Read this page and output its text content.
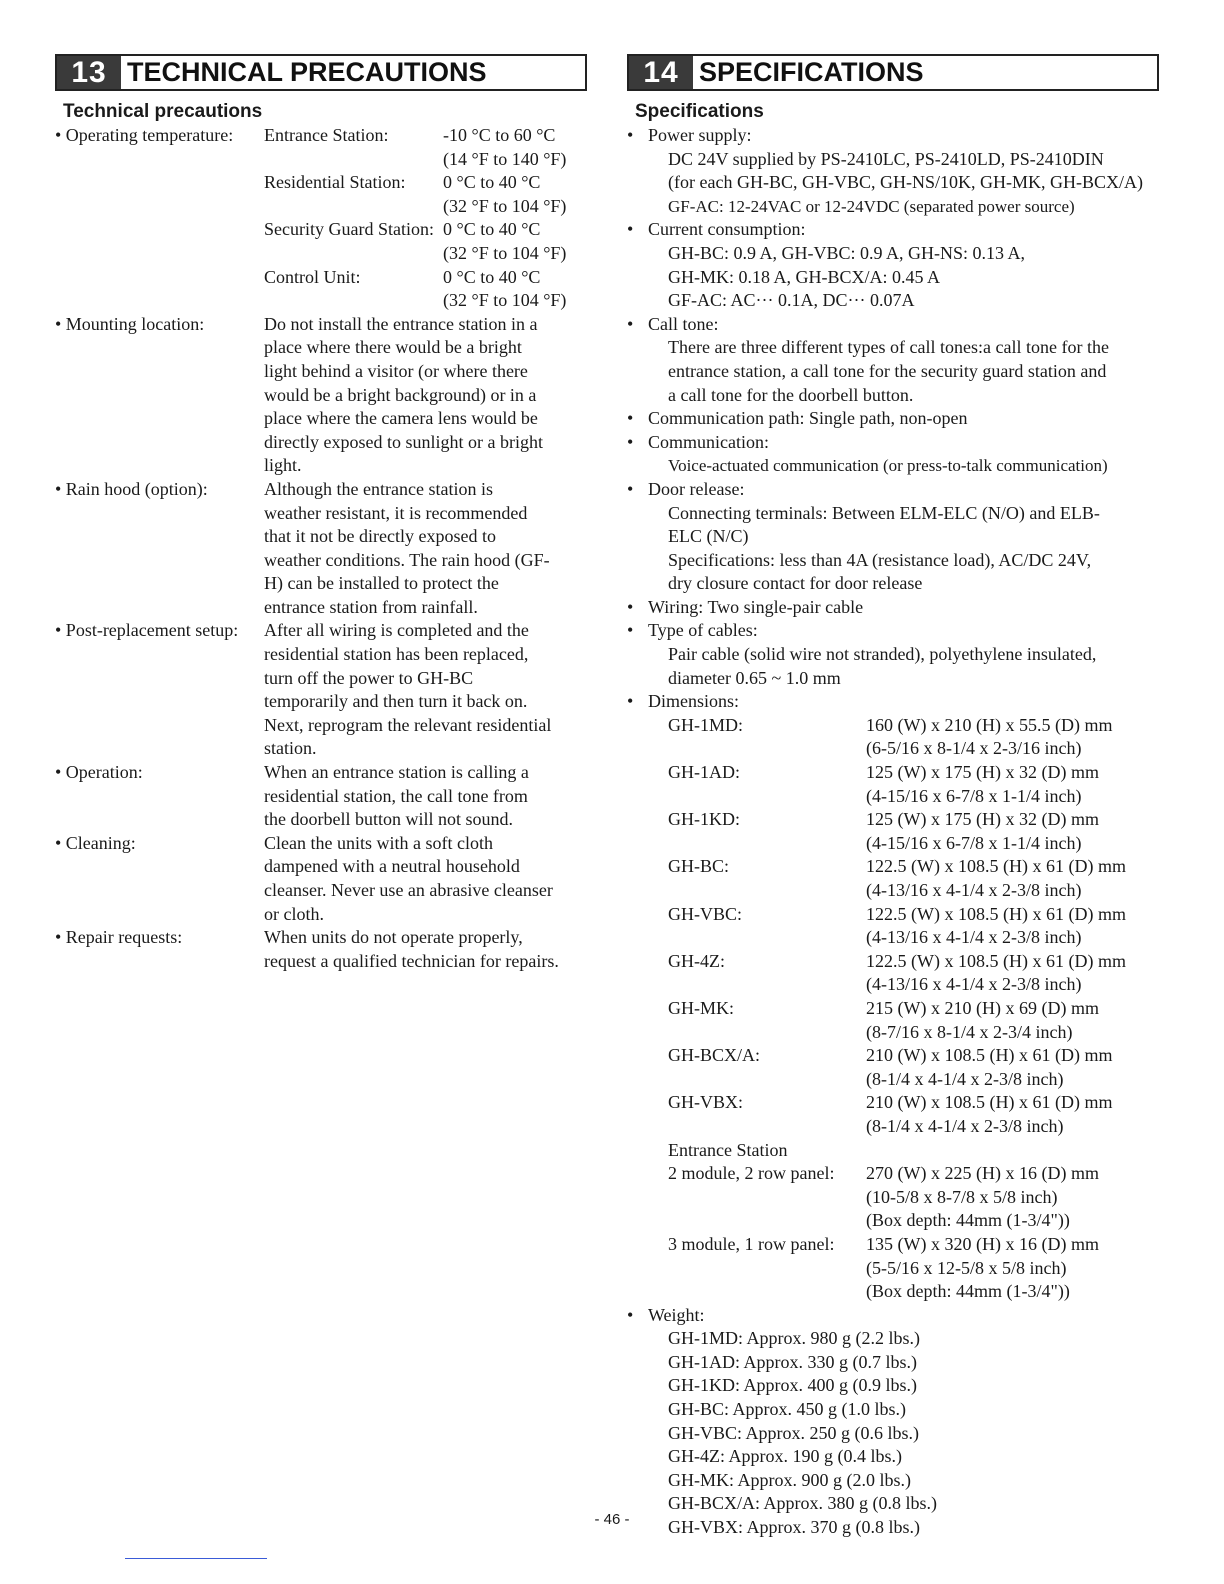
13 TECHNICAL PRECAUTIONS
Technical precautions
• Operating temperature:	Entrance Station:	-10 °C to 60 °C
(14 °F to 140 °F)
Residential Station:	0 °C to 40 °C
(32 °F to 104 °F)
Security Guard Station: 0 °C to 40 °C
(32 °F to 104 °F)
Control Unit:	0 °C to 40 °C
(32 °F to 104 °F)
• Mounting location:	Do not install the entrance station in a
place where there would be a bright
light behind a visitor (or where there
would be a bright background) or in a
place where the camera lens would be
directly exposed to sunlight or a bright
light.
• Rain hood (option):	Although the entrance station is
weather resistant, it is recommended
that it not be directly exposed to
weather conditions. The rain hood (GF-
H) can be installed to protect the
entrance station from rainfall.
• Post-replacement setup:	After all wiring is completed and the
residential station has been replaced,
turn off the power to GH-BC
temporarily and then turn it back on.
Next, reprogram the relevant residential
station.
• Operation:	When an entrance station is calling a
residential station, the call tone from
the doorbell button will not sound.
• Cleaning:	Clean the units with a soft cloth
dampened with a neutral household
cleanser. Never use an abrasive cleanser
or cloth.
• Repair requests:	When units do not operate properly,
request a qualified technician for repairs.
14 SPECIFICATIONS
Specifications
• Power supply:
DC 24V supplied by PS-2410LC, PS-2410LD, PS-2410DIN
(for each GH-BC, GH-VBC, GH-NS/10K, GH-MK, GH-BCX/A)
GF-AC: 12-24VAC or 12-24VDC (separated power source)
• Current consumption:
GH-BC: 0.9 A, GH-VBC: 0.9 A, GH-NS: 0.13 A,
GH-MK: 0.18 A, GH-BCX/A: 0.45 A
GF-AC: AC··· 0.1A, DC··· 0.07A
• Call tone:
There are three different types of call tones:a call tone for the
entrance station, a call tone for the security guard station and
a call tone for the doorbell button.
• Communication path: Single path, non-open
• Communication:
Voice-actuated communication (or press-to-talk communication)
• Door release:
Connecting terminals: Between ELM-ELC (N/O) and ELB-
ELC (N/C)
Specifications: less than 4A (resistance load), AC/DC 24V,
dry closure contact for door release
• Wiring: Two single-pair cable
• Type of cables:
Pair cable (solid wire not stranded), polyethylene insulated,
diameter 0.65 ~ 1.0 mm
• Dimensions:
GH-1MD:	160 (W) x 210 (H) x 55.5 (D) mm
(6-5/16 x 8-1/4 x 2-3/16 inch)
GH-1AD:	125 (W) x 175 (H) x 32 (D) mm
(4-15/16 x 6-7/8 x 1-1/4 inch)
GH-1KD:	125 (W) x 175 (H) x 32 (D) mm
(4-15/16 x 6-7/8 x 1-1/4 inch)
GH-BC:	122.5 (W) x 108.5 (H) x 61 (D) mm
(4-13/16 x 4-1/4 x 2-3/8 inch)
GH-VBC:	122.5 (W) x 108.5 (H) x 61 (D) mm
(4-13/16 x 4-1/4 x 2-3/8 inch)
GH-4Z:	122.5 (W) x 108.5 (H) x 61 (D) mm
(4-13/16 x 4-1/4 x 2-3/8 inch)
GH-MK:	215 (W) x 210 (H) x 69 (D) mm
(8-7/16 x 8-1/4 x 2-3/4 inch)
GH-BCX/A:	210 (W) x 108.5 (H) x 61 (D) mm
(8-1/4 x 4-1/4 x 2-3/8 inch)
GH-VBX:	210 (W) x 108.5 (H) x 61 (D) mm
(8-1/4 x 4-1/4 x 2-3/8 inch)
Entrance Station
2 module, 2 row panel:	270 (W) x 225 (H) x 16 (D) mm
(10-5/8 x 8-7/8 x 5/8 inch)
(Box depth: 44mm (1-3/4"))
3 module, 1 row panel:	135 (W) x 320 (H) x 16 (D) mm
(5-5/16 x 12-5/8 x 5/8 inch)
(Box depth: 44mm (1-3/4"))
• Weight:
GH-1MD: Approx. 980 g (2.2 lbs.)
GH-1AD: Approx. 330 g (0.7 lbs.)
GH-1KD: Approx. 400 g (0.9 lbs.)
GH-BC: Approx. 450 g (1.0 lbs.)
GH-VBC: Approx. 250 g (0.6 lbs.)
GH-4Z: Approx. 190 g (0.4 lbs.)
GH-MK: Approx. 900 g (2.0 lbs.)
GH-BCX/A: Approx. 380 g (0.8 lbs.)
GH-VBX: Approx. 370 g (0.8 lbs.)
- 46 -
